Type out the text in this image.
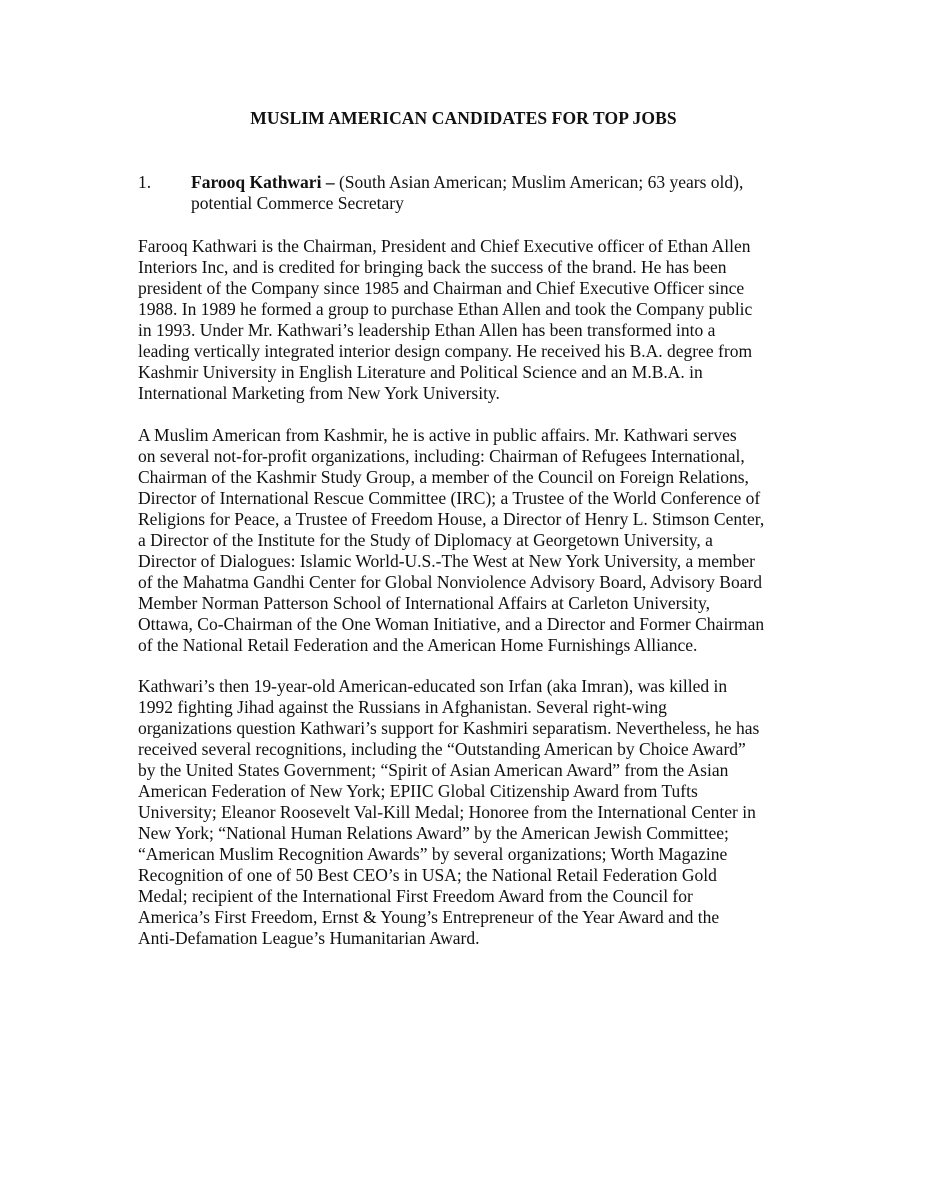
MUSLIM AMERICAN CANDIDATES FOR TOP JOBS
1. Farooq Kathwari – (South Asian American; Muslim American; 63 years old),
potential Commerce Secretary
Farooq Kathwari is the Chairman, President and Chief Executive officer of Ethan Allen
Interiors Inc, and is credited for bringing back the success of the brand. He has been
president of the Company since 1985 and Chairman and Chief Executive Officer since
1988. In 1989 he formed a group to purchase Ethan Allen and took the Company public
in 1993. Under Mr. Kathwari’s leadership Ethan Allen has been transformed into a
leading vertically integrated interior design company. He received his B.A. degree from
Kashmir University in English Literature and Political Science and an M.B.A. in
International Marketing from New York University.
A Muslim American from Kashmir, he is active in public affairs. Mr. Kathwari serves
on several not-for-profit organizations, including: Chairman of Refugees International,
Chairman of the Kashmir Study Group, a member of the Council on Foreign Relations,
Director of International Rescue Committee (IRC); a Trustee of the World Conference of
Religions for Peace, a Trustee of Freedom House, a Director of Henry L. Stimson Center,
a Director of the Institute for the Study of Diplomacy at Georgetown University, a
Director of Dialogues: Islamic World-U.S.-The West at New York University, a member
of the Mahatma Gandhi Center for Global Nonviolence Advisory Board, Advisory Board
Member Norman Patterson School of International Affairs at Carleton University,
Ottawa, Co-Chairman of the One Woman Initiative, and a Director and Former Chairman
of the National Retail Federation and the American Home Furnishings Alliance.
Kathwari’s then 19-year-old American-educated son Irfan (aka Imran), was killed in
1992 fighting Jihad against the Russians in Afghanistan. Several right-wing
organizations question Kathwari’s support for Kashmiri separatism. Nevertheless, he has
received several recognitions, including the “Outstanding American by Choice Award”
by the United States Government; “Spirit of Asian American Award” from the Asian
American Federation of New York; EPIIC Global Citizenship Award from Tufts
University; Eleanor Roosevelt Val-Kill Medal; Honoree from the International Center in
New York; “National Human Relations Award” by the American Jewish Committee;
“American Muslim Recognition Awards” by several organizations; Worth Magazine
Recognition of one of 50 Best CEO’s in USA; the National Retail Federation Gold
Medal; recipient of the International First Freedom Award from the Council for
America’s First Freedom, Ernst & Young’s Entrepreneur of the Year Award and the
Anti-Defamation League’s Humanitarian Award.
